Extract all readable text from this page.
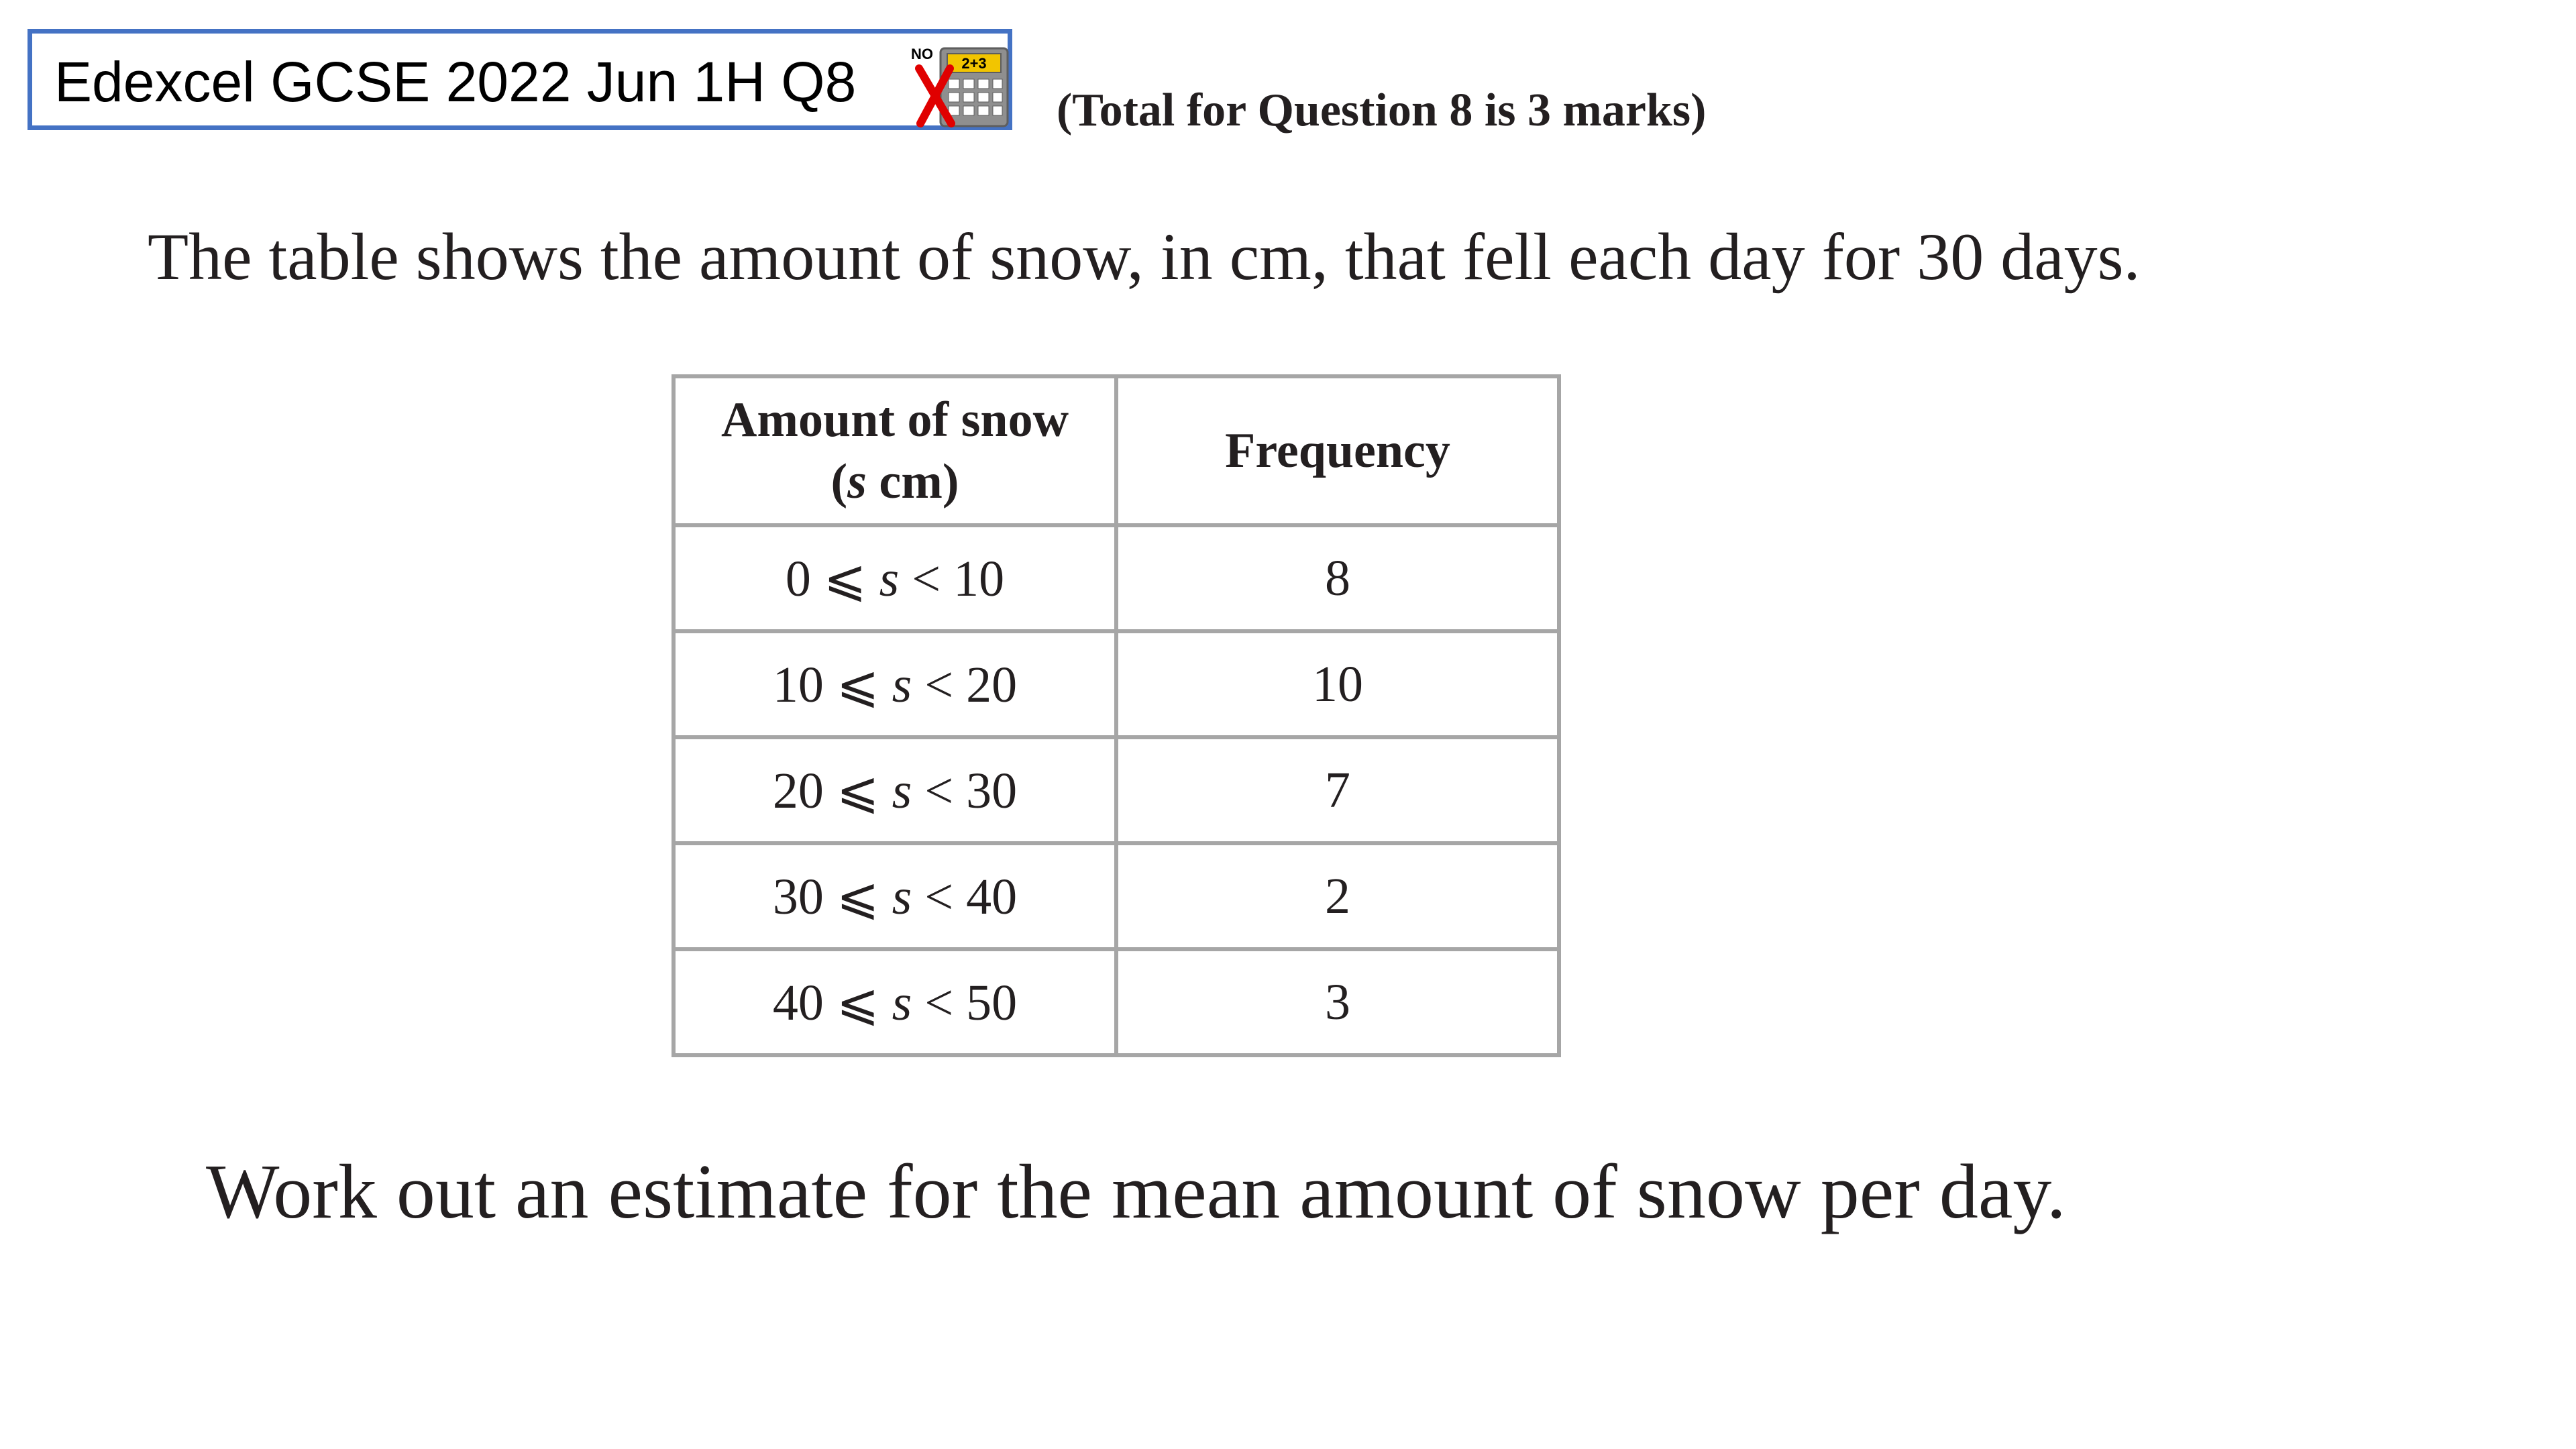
Edexcel GCSE 2022 Jun 1H Q8	NO
2+3
(Total for Question 8 is 3 marks)
The table shows the amount of snow, in cm, that fell each day for 30 days.
Amount of snow
(s cm)	Frequency
0 ⩽ s < 10	8
10 ⩽ s < 20	10
20 ⩽ s < 30	7
30 ⩽ s < 40	2
40 ⩽ s < 50	3
Work out an estimate for the mean amount of snow per day.
